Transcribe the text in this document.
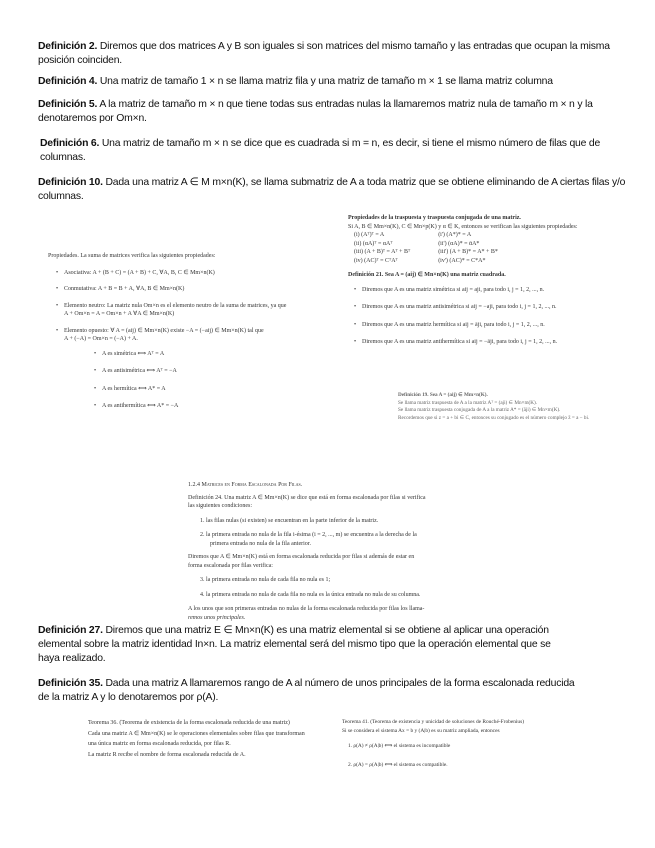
Definición 2. Diremos que dos matrices A y B son iguales si son matrices del mismo tamaño y las entradas que ocupan la misma
posición coinciden.
Definición 4. Una matriz de tamaño 1 × n se llama matriz fila y una matriz de tamaño m × 1 se llama matriz columna
Definición 5. A la matriz de tamaño m × n que tiene todas sus entradas nulas la llamaremos matriz nula de tamaño m × n y la
denotaremos por Om×n.
Definición 6. Una matriz de tamaño m × n se dice que es cuadrada si m = n, es decir, si tiene el mismo número de filas que de
columnas.
Definición 10. Dada una matriz A ∈ M m×n(K), se llama submatriz de A a toda matriz que se obtiene eliminando de A ciertas filas y/o
columnas.
Propiedades de la traspuesta y traspuesta conjugada de una matriz.
Si A, B ∈ Mm×n(K), C ∈ Mn×p(K) y α ∈ K, entonces se verifican las siguientes propiedades:
(i) (Aᵀ)ᵀ = A
(ii) (αA)ᵀ = αAᵀ
(iii) (A + B)ᵀ = Aᵀ + Bᵀ
(iv) (AC)ᵀ = CᵀAᵀ
(i') (A*)* = A
(ii') (αA)* = ᾱA*
(iii') (A + B)* = A* + B*
(iv') (AC)* = C*A*
Definición 21. Sea A = (aij) ∈ Mn×n(K) una matriz cuadrada.
• Diremos que A es una matriz simétrica si aij = aji, para todo i, j = 1, 2, ..., n.
• Diremos que A es una matriz antisimétrica si aij = −aji, para todo i, j = 1, 2, ..., n.
• Diremos que A es una matriz hermítica si aij = āji, para todo i, j = 1, 2, ..., n.
• Diremos que A es una matriz antihermítica si aij = −āji, para todo i, j = 1, 2, ..., n.
Propiedades. La suma de matrices verifica las siguientes propiedades:
• Asociativa: A + (B + C) = (A + B) + C, ∀A, B, C ∈ Mm×n(K)
• Conmutativa: A + B = B + A, ∀A, B ∈ Mm×n(K)
• Elemento neutro: La matriz nula Om×n es el elemento neutro de la suma de matrices, ya que
A + Om×n = A = Om×n + A ∀A ∈ Mm×n(K)
• Elemento opuesto: ∀ A = (aij) ∈ Mm×n(K) existe −A = (−aij) ∈ Mm×n(K) tal que
A + (−A) = Om×n = (−A) + A.
• A es simétrica ⟺ Aᵀ = A
• A es antisimétrica ⟺ Aᵀ = −A
• A es hermítica ⟺ A* = A
• A es antihermítica ⟺ A* = −A
Definición 19. Sea A = (aij) ∈ Mm×n(K).
Se llama matriz traspuesta de A a la matriz Aᵀ = (aji) ∈ Mn×m(K).
Se llama matriz traspuesta conjugada de A a la matriz A* = (āji) ∈ Mn×m(K).
Recordemos que si z = a + bi ∈ C, entonces su conjugado es el número complejo z̄ = a − bi.
1.2.4 Matrices en Forma Escalonada Por Filas.
Definición 24. Una matriz A ∈ Mm×n(K) se dice que está en forma escalonada por filas si verifica
las siguientes condiciones:
1. las filas nulas (si existen) se encuentran en la parte inferior de la matriz.
2. la primera entrada no nula de la fila i-ésima (i = 2, ..., m) se encuentra a la derecha de la
primera entrada no nula de la fila anterior.
Diremos que A ∈ Mm×n(K) está en forma escalonada reducida por filas si además de estar en
forma escalonada por filas verifica:
3. la primera entrada no nula de cada fila no nula es 1;
4. la primera entrada no nula de cada fila no nula es la única entrada no nula de su columna.
A los unos que son primeras entradas no nulas de la forma escalonada reducida por filas los llama-
remos unos principales.
Definición 27. Diremos que una matriz E ∈ Mn×n(K) es una matriz elemental si se obtiene al aplicar una operación
elemental sobre la matriz identidad In×n. La matriz elemental será del mismo tipo que la operación elemental que se
haya realizado.
Definición 35. Dada una matriz A llamaremos rango de A al número de unos principales de la forma escalonada reducida
de la matriz A y lo denotaremos por ρ(A).
Teorema 36. (Teorema de existencia de la forma escalonada reducida de una matriz)
Cada una matriz A ∈ Mm×n(K) se le operaciones elementales sobre filas que transforman
una única matriz en forma escalonada reducida, por filas R.
La matriz R recibe el nombre de forma escalonada reducida de A.
Teorema 41. (Teorema de existencia y unicidad de soluciones de Rouché-Frobenius)
Si se considera el sistema Ax = b y (A|b) es su matriz ampliada, entonces
1. ρ(A) ≠ ρ(A|b) ⟺ el sistema es incompatible
2. ρ(A) = ρ(A|b) ⟺ el sistema es compatible.
